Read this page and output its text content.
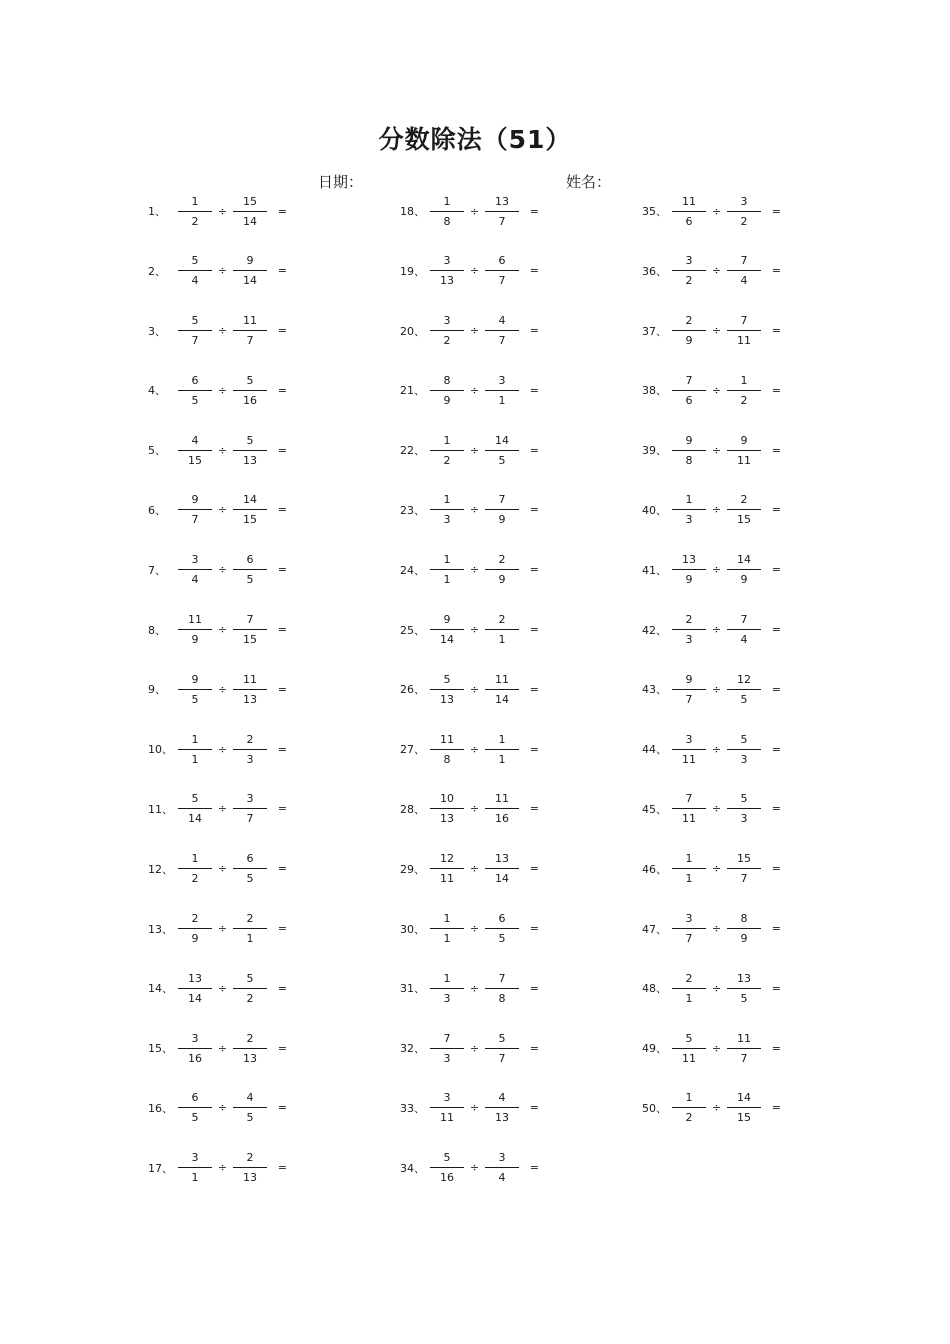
分数除法（51）
日期：	姓名：
1、	$\frac{1}{2} \div \frac{15}{14}$ =
2、	$\frac{5}{4} \div \frac{9}{14}$ =
3、	$\frac{5}{7} \div \frac{11}{7}$ =
4、	$\frac{6}{5} \div \frac{5}{16}$ =
5、	$\frac{4}{15} \div \frac{5}{13}$ =
6、	$\frac{9}{7} \div \frac{14}{15}$ =
7、	$\frac{3}{4} \div \frac{6}{5}$ =
8、	$\frac{11}{9} \div \frac{7}{15}$ =
9、	$\frac{9}{5} \div \frac{11}{13}$ =
10、 $\frac{1}{1} \div \frac{2}{3}$ =
11、 $\frac{5}{14} \div \frac{3}{7}$ =
12、 $\frac{1}{2} \div \frac{6}{5}$ =
13、 $\frac{2}{9} \div \frac{2}{1}$ =
14、 $\frac{13}{14} \div \frac{5}{2}$ =
15、 $\frac{3}{16} \div \frac{2}{13}$ =
16、 $\frac{6}{5} \div \frac{4}{5}$ =
17、 $\frac{3}{1} \div \frac{2}{13}$ =
18、 $\frac{1}{8} \div \frac{13}{7}$ =
19、 $\frac{3}{13} \div \frac{6}{7}$ =
20、 $\frac{3}{2} \div \frac{4}{7}$ =
21、 $\frac{8}{9} \div \frac{3}{1}$ =
22、 $\frac{1}{2} \div \frac{14}{5}$ =
23、 $\frac{1}{3} \div \frac{7}{9}$ =
24、 $\frac{1}{1} \div \frac{2}{9}$ =
25、 $\frac{9}{14} \div \frac{2}{1}$ =
26、 $\frac{5}{13} \div \frac{11}{14}$ =
27、 $\frac{11}{8} \div \frac{1}{1}$ =
28、 $\frac{10}{13} \div \frac{11}{16}$ =
29、 $\frac{12}{11} \div \frac{13}{14}$ =
30、 $\frac{1}{1} \div \frac{6}{5}$ =
31、 $\frac{1}{3} \div \frac{7}{8}$ =
32、 $\frac{7}{3} \div \frac{5}{7}$ =
33、 $\frac{3}{11} \div \frac{4}{13}$ =
34、 $\frac{5}{16} \div \frac{3}{4}$ =
35、 $\frac{11}{6} \div \frac{3}{2}$ =
36、 $\frac{3}{2} \div \frac{7}{4}$ =
37、 $\frac{2}{9} \div \frac{7}{11}$ =
38、 $\frac{7}{6} \div \frac{1}{2}$ =
39、 $\frac{9}{8} \div \frac{9}{11}$ =
40、 $\frac{1}{3} \div \frac{2}{15}$ =
41、 $\frac{13}{9} \div \frac{14}{9}$ =
42、 $\frac{2}{3} \div \frac{7}{4}$ =
43、 $\frac{9}{7} \div \frac{12}{5}$ =
44、 $\frac{3}{11} \div \frac{5}{3}$ =
45、 $\frac{7}{11} \div \frac{5}{3}$ =
46、 $\frac{1}{1} \div \frac{15}{7}$ =
47、 $\frac{3}{7} \div \frac{8}{9}$ =
48、 $\frac{2}{1} \div \frac{13}{5}$ =
49、 $\frac{5}{11} \div \frac{11}{7}$ =
50、 $\frac{1}{2} \div \frac{14}{15}$ =
